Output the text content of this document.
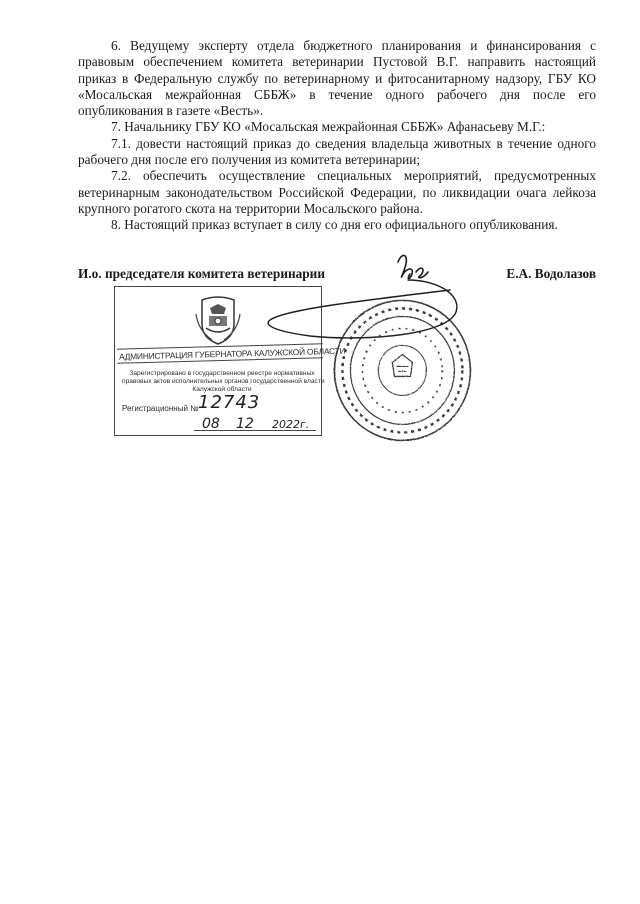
6. Ведущему эксперту отдела бюджетного планирования и финансирования с правовым обеспечением комитета ветеринарии Пустовой В.Г. направить настоящий приказ в Федеральную службу по ветеринарному и фитосанитарному надзору, ГБУ КО «Мосальская межрайонная СББЖ» в течение одного рабочего дня после его опубликования в газете «Весть».

7. Начальнику ГБУ КО «Мосальская межрайонная СББЖ» Афанасьеву М.Г.:

7.1. довести настоящий приказ до сведения владельца животных в течение одного рабочего дня после его получения из комитета ветеринарии;

7.2. обеспечить осуществление специальных мероприятий, предусмотренных ветеринарным законодательством Российской Федерации, по ликвидации очага лейкоза крупного рогатого скота на территории Мосальского района.

8. Настоящий приказ вступает в силу со дня его официального опубликования.

И.о. председателя комитета ветеринарии	Е.А. Водолазов
АДМИНИСТРАЦИЯ ГУБЕРНАТОРА КАЛУЖСКОЙ ОБЛАСТИ
Зарегистрировано в государственном реестре нормативных
правовых актов исполнительных органов государственной власти
Калужской области
Регистрационный № 12743
08 12 2022г.
